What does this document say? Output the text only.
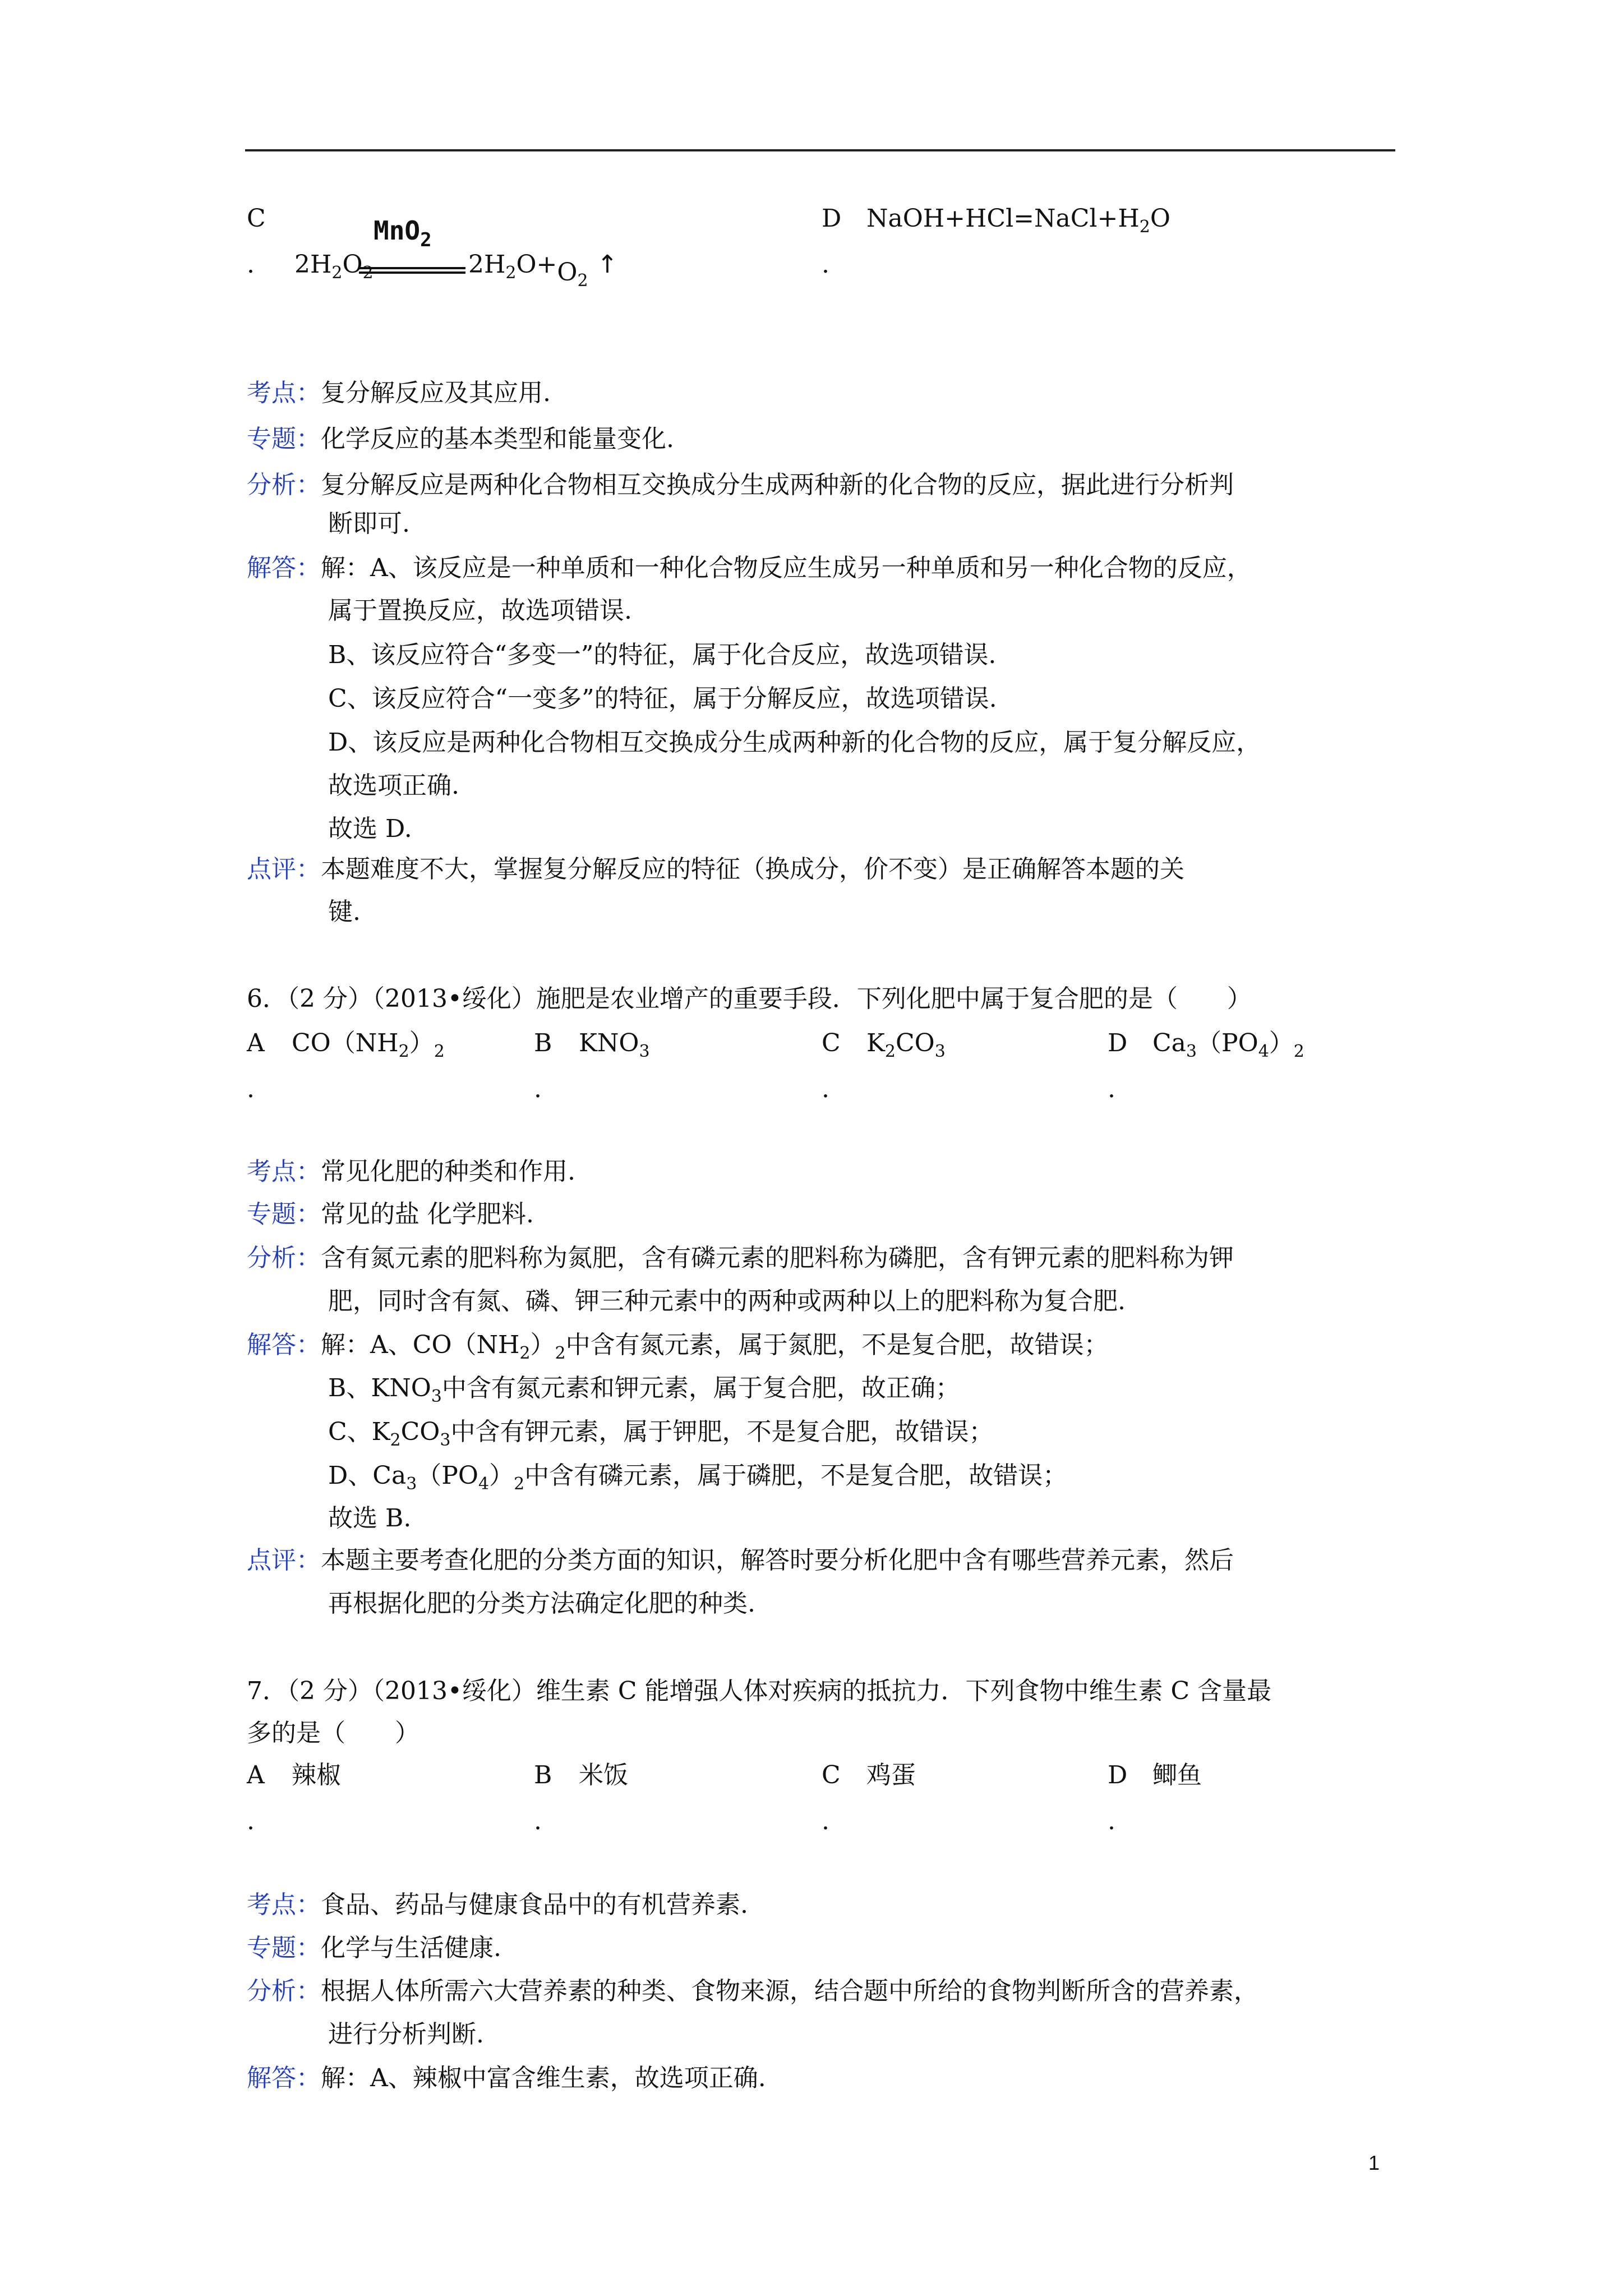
C
. $2H_2O_2$
MnO$_2$
$2H_2O+O_2↑$
D $NaOH+HCl=NaCl+H_2O$
.
考点：复分解反应及其应用.
专题：化学反应的基本类型和能量变化.
分析：复分解反应是两种化合物相互交换成分生成两种新的化合物的反应，据此进行分析判
断即可.
解答：解：A、该反应是一种单质和一种化合物反应生成另一种单质和另一种化合物的反应，
属于置换反应，故选项错误.
B、该反应符合“多变一”的特征，属于化合反应，故选项错误.
C、该反应符合“一变多”的特征，属于分解反应，故选项错误.
D、该反应是两种化合物相互交换成分生成两种新的化合物的反应，属于复分解反应，
故选项正确.
故选 D.
点评：本题难度不大，掌握复分解反应的特征（换成分，价不变）是正确解答本题的关
键.
6．（2 分）（2013•绥化）施肥是农业增产的重要手段．下列化肥中属于复合肥的是（　　）
A $CO(NH_2)_2$
.
B $KNO_3$
.
C $K_2CO_3$
.
D $Ca_3(PO_4)_2$
.
考点：常见化肥的种类和作用.
专题：常见的盐 化学肥料.
分析：含有氮元素的肥料称为氮肥，含有磷元素的肥料称为磷肥，含有钾元素的肥料称为钾
肥，同时含有氮、磷、钾三种元素中的两种或两种以上的肥料称为复合肥.
解答：解：A、$CO(NH_2)_2$中含有氮元素，属于氮肥，不是复合肥，故错误；
B、$KNO_3$中含有氮元素和钾元素，属于复合肥，故正确；
C、$K_2CO_3$中含有钾元素，属于钾肥，不是复合肥，故错误；
D、$Ca_3(PO_4)_2$中含有磷元素，属于磷肥，不是复合肥，故错误；
故选 B.
点评：本题主要考查化肥的分类方面的知识，解答时要分析化肥中含有哪些营养元素，然后
再根据化肥的分类方法确定化肥的种类.
7．（2 分）（2013•绥化）维生素 C 能增强人体对疾病的抵抗力．下列食物中维生素 C 含量最
多的是（　　）
A 辣椒
.
B 米饭
.
C 鸡蛋
.
D 鲫鱼
.
考点：食品、药品与健康食品中的有机营养素.
专题：化学与生活健康.
分析：根据人体所需六大营养素的种类、食物来源，结合题中所给的食物判断所含的营养素，
进行分析判断.
解答：解：A、辣椒中富含维生素，故选项正确.
1
